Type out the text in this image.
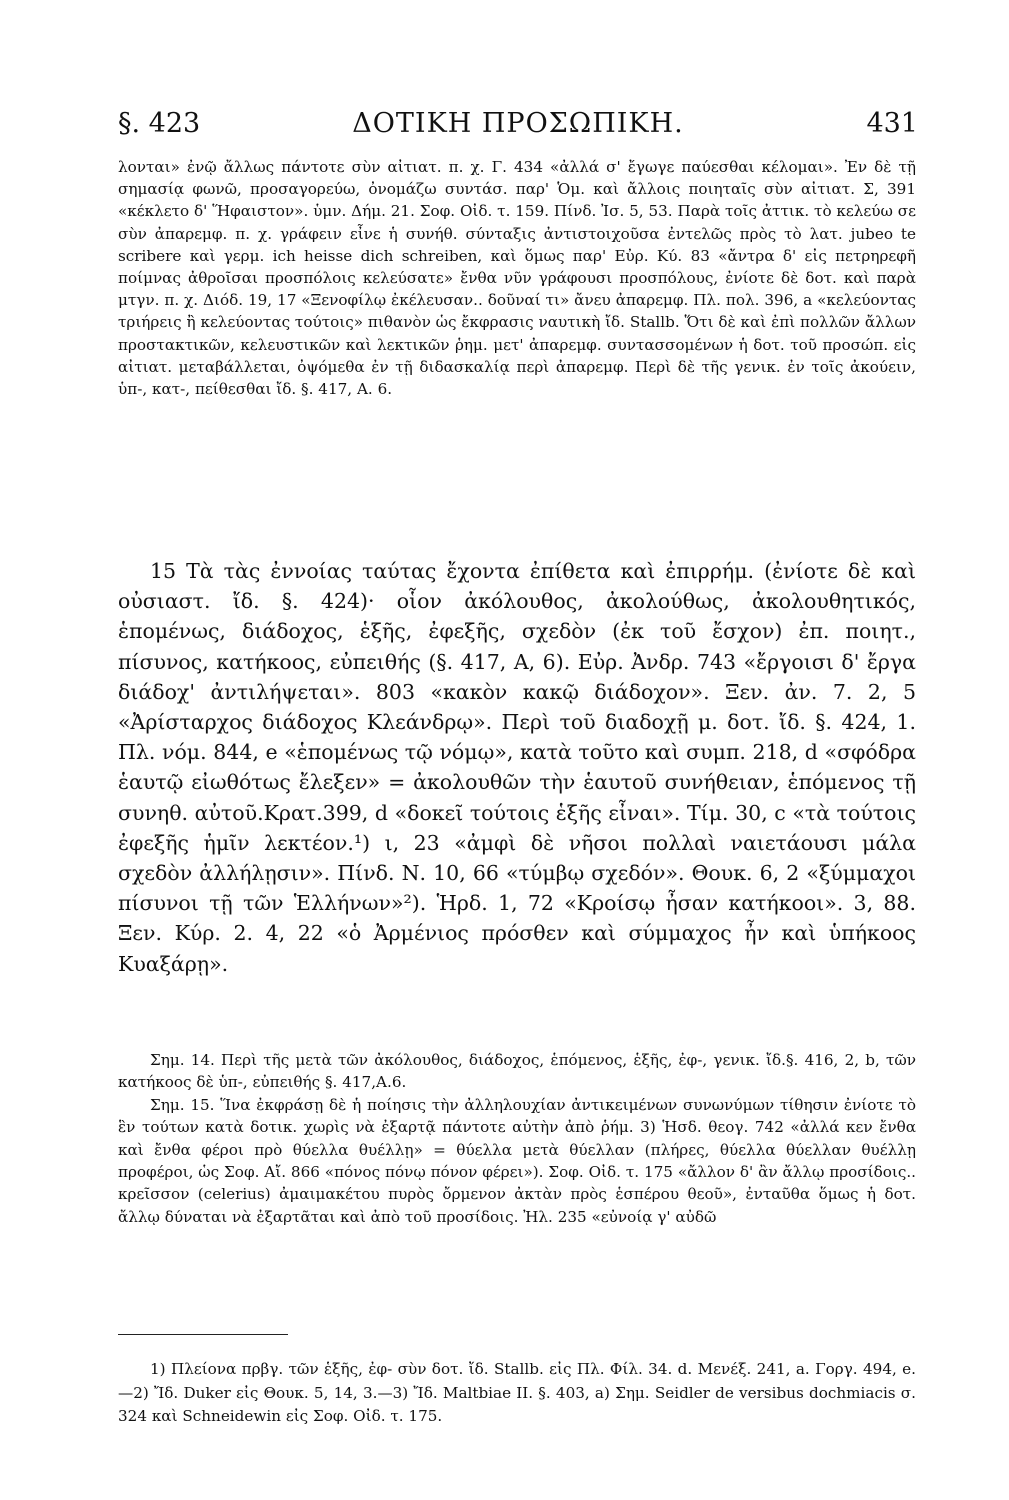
ΔΟΤΙΚΗ ΠΡΟΣΩΠΙΚΗ.
§. 423	431

λονται» ἐνῷ ἄλλως πάντοτε σὺν αἰτιατ. π. χ. Γ. 434 «ἀλλά σ' ἔγωγε παύεσθαι κέλομαι». Ἐν δὲ τῇ σημασίᾳ φωνῶ, προσαγορεύω, ὀνομάζω συντάσ. παρ' Ὁμ. καὶ ἄλλοις ποιηταῖς σὺν αἰτιατ. Σ, 391 «κέκλετο δ' Ἥφαιστον». ὑμν. Δήμ. 21. Σοφ. Οἰδ. τ. 159. Πίνδ. Ἰσ. 5, 53. Παρὰ τοῖς ἀττικ. τὸ κελεύω σε σὺν ἀπαρεμφ. π. χ. γράφειν εἶνε ἡ συνήθ. σύνταξις ἀντιστοιχοῦσα ἐντελῶς πρὸς τὸ λατ. jubeo te scribere καὶ γερμ. ich heisse dich schreiben, καὶ ὅμως παρ' Εὐρ. Κύ. 83 «ἄντρα δ' εἰς πετρηρεφῆ ποίμνας ἀθροῖσαι προσπόλοις κελεύσατε» ἔνθα νῦν γράφουσι προσπόλους, ἐνίοτε δὲ δοτ. καὶ παρὰ μτγν. π. χ. Διόδ. 19, 17 «Ξενοφίλῳ ἐκέλευσαν.. δοῦναί τι» ἄνευ ἀπαρεμφ. Πλ. πολ. 396, a «κελεύοντας τριήρεις ἢ κελεύοντας τούτοις» πιθανὸν ὡς ἔκφρασις ναυτικὴ ἴδ. Stallb. Ὅτι δὲ καὶ ἐπὶ πολλῶν ἄλλων προστακτικῶν, κελευστικῶν καὶ λεκτικῶν ῥημ. μετ' ἀπαρεμφ. συντασσομένων ἡ δοτ. τοῦ προσώπ. εἰς αἰτιατ. μεταβάλλεται, ὀψόμεθα ἐν τῇ διδασκαλίᾳ περὶ ἀπαρεμφ. Περὶ δὲ τῆς γενικ. ἐν τοῖς ἀκούειν, ὑπ-, κατ-, πείθεσθαι ἴδ. §. 417, A. 6.

15 Τὰ τὰς ἐννοίας ταύτας ἔχοντα ἐπίθετα καὶ ἐπιρρήμ. (ἐνίοτε δὲ καὶ οὐσιαστ. ἴδ. §. 424)· οἷον ἀκόλουθος, ἀκολούθως, ἀκολουθητικός, ἑπομένως, διάδοχος, ἑξῆς, ἐφεξῆς, σχεδὸν (ἐκ τοῦ ἔσχον) ἐπ. ποιητ., πίσυνος, κατήκοος, εὐπειθής (§. 417, A, 6). Εὐρ. Ἀνδρ. 743 «ἔργοισι δ' ἔργα διάδοχ' ἀντιλήψεται». 803 «κακὸν κακῷ διάδοχον». Ξεν. ἀν. 7. 2, 5 «Ἀρίσταρχος διάδοχος Κλεάνδρῳ». Περὶ τοῦ διαδοχῇ μ. δοτ. ἴδ. §. 424, 1. Πλ. νόμ. 844, e «ἑπομένως τῷ νόμῳ», κατὰ τοῦτο καὶ συμπ. 218, d «σφόδρα ἑαυτῷ εἰωθότως ἔλεξεν» = ἀκολουθῶν τὴν ἑαυτοῦ συνήθειαν, ἑπόμενος τῇ συνηθ. αὐτοῦ.Κρατ.399, d «δοκεῖ τούτοις ἑξῆς εἶναι». Τίμ. 30, c «τὰ τούτοις ἐφεξῆς ἡμῖν λεκτέον.¹) ι, 23 «ἀμφὶ δὲ νῆσοι πολλαὶ ναιετάουσι μάλα σχεδὸν ἀλλήλῃσιν». Πίνδ. Ν. 10, 66 «τύμβῳ σχεδόν». Θουκ. 6, 2 «ξύμμαχοι πίσυνοι τῇ τῶν Ἑλλήνων»²). Ἡρδ. 1, 72 «Κροίσῳ ἦσαν κατήκοοι». 3, 88. Ξεν. Κύρ. 2. 4, 22 «ὁ Ἀρμένιος πρόσθεν καὶ σύμμαχος ἦν καὶ ὑπήκοος Κυαξάρῃ».

Σημ. 14. Περὶ τῆς μετὰ τῶν ἀκόλουθος, διάδοχος, ἑπόμενος, ἑξῆς, ἐφ-, γενικ. ἴδ.§. 416, 2, b, τῶν κατήκοος δὲ ὑπ-, εὐπειθής §. 417,A.6.

Σημ. 15. Ἵνα ἐκφράσῃ δὲ ἡ ποίησις τὴν ἀλληλουχίαν ἀντικειμένων συνωνύμων τίθησιν ἐνίοτε τὸ ἓν τούτων κατὰ δοτικ. χωρὶς νὰ ἐξαρτᾷ πάντοτε αὐτὴν ἀπὸ ῥήμ. 3) Ἡσδ. θεογ. 742 «ἀλλά κεν ἔνθα καὶ ἔνθα φέροι πρὸ θύελλα θυέλλῃ» = θύελλα μετὰ θύελλαν (πλήρες, θύελλα θύελλαν θυέλλῃ προφέροι, ὡς Σοφ. Αἴ. 866 «πόνος πόνῳ πόνον φέρει»). Σοφ. Οἰδ. τ. 175 «ἄλλον δ' ἂν ἄλλῳ προσίδοις.. κρεῖσσον (celerius) ἀμαιμακέτου πυρὸς ὄρμενον ἀκτὰν πρὸς ἑσπέρου θεοῦ», ἐνταῦθα ὅμως ἡ δοτ. ἄλλῳ δύναται νὰ ἐξαρτᾶται καὶ ἀπὸ τοῦ προσίδοις. Ἠλ. 235 «εὐνοίᾳ γ' αὐδῶ

1) Πλείονα πρβγ. τῶν ἑξῆς, ἐφ- σὺν δοτ. ἴδ. Stallb. εἰς Πλ. Φίλ. 34. d. Μενέξ. 241, a. Γοργ. 494, e.—2) Ἴδ. Duker εἰς Θουκ. 5, 14, 3.—3) Ἴδ. Maltbiae II. §. 403, a) Σημ. Seidler de versibus dochmiacis σ. 324 καὶ Schneidewin εἰς Σοφ. Οἰδ. τ. 175.
